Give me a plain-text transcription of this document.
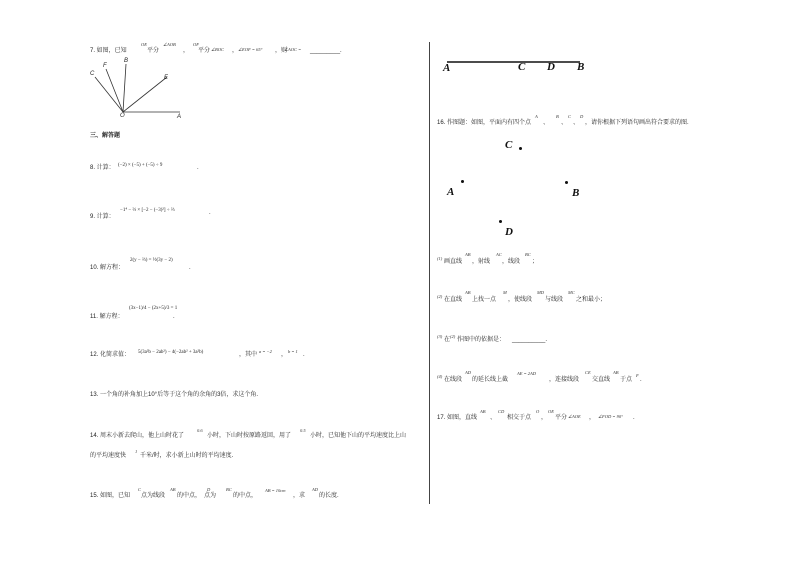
7. 如图，已知
OE
平分
∠AOB
，
OF
平分 ∠BOC ， ∠EOF = 65° ，则
∠AOC = _________.
C
F
B
E
O	A
三、解答题
8. 计算： (−2) × (−5) + (−5) ÷ 9	.
9. 计算：
−1⁴ − ⅔ × [−2 − (−3)²] ÷ ⅔	.
10. 解方程：
2(y − ⅔) = ½(3y − 2)
.
11. 解方程：
(3x−1)/4 − (2x+5)/3 = 1
.
12. 化简求值： 5(3a²b − 2ab²) − 4(−2ab² + 3a²b)	，其中
a = −2
，
b = 1
.
13. 一个角的补角加上10°后等于这个角的余角的3倍，求这个角.
14. 周末小新去爬山，他上山时花了
0.6
小时，下山时按原路返回，用了
0.5
小时，已知他下山的平均速度比上山
的平均速度快
1
千米/时，求小新上山时的平均速度.
15. 如图，已知
C
点为线段
AB
的中点，
D
点为
BC
的中点，
AB = 10cm
，求
AD
的长度.
A	C D B
16. 作图题：如图，平面内有四个点
A
、
B
、
C
、
D
，请你根据下列语句画出符合要求的图.
C
A	B
D
(1)
画直线
AB
，射线
AC
，线段
BC
；
(2)
在直线
AB
上找一点
M
，使线段
MD
与线段
MC
之和最小；
(3)
在
(2)
作图中的依据是： __________.
(4)
在线段
AD
的延长线上截
AE = 2AD
，连接线段
CE
交直线
AB
于点
F
.
17. 如图，直线
AB
、
CD
相交于点
O
，
OE
平分 ∠AOE ， ∠FOD = 90° .
